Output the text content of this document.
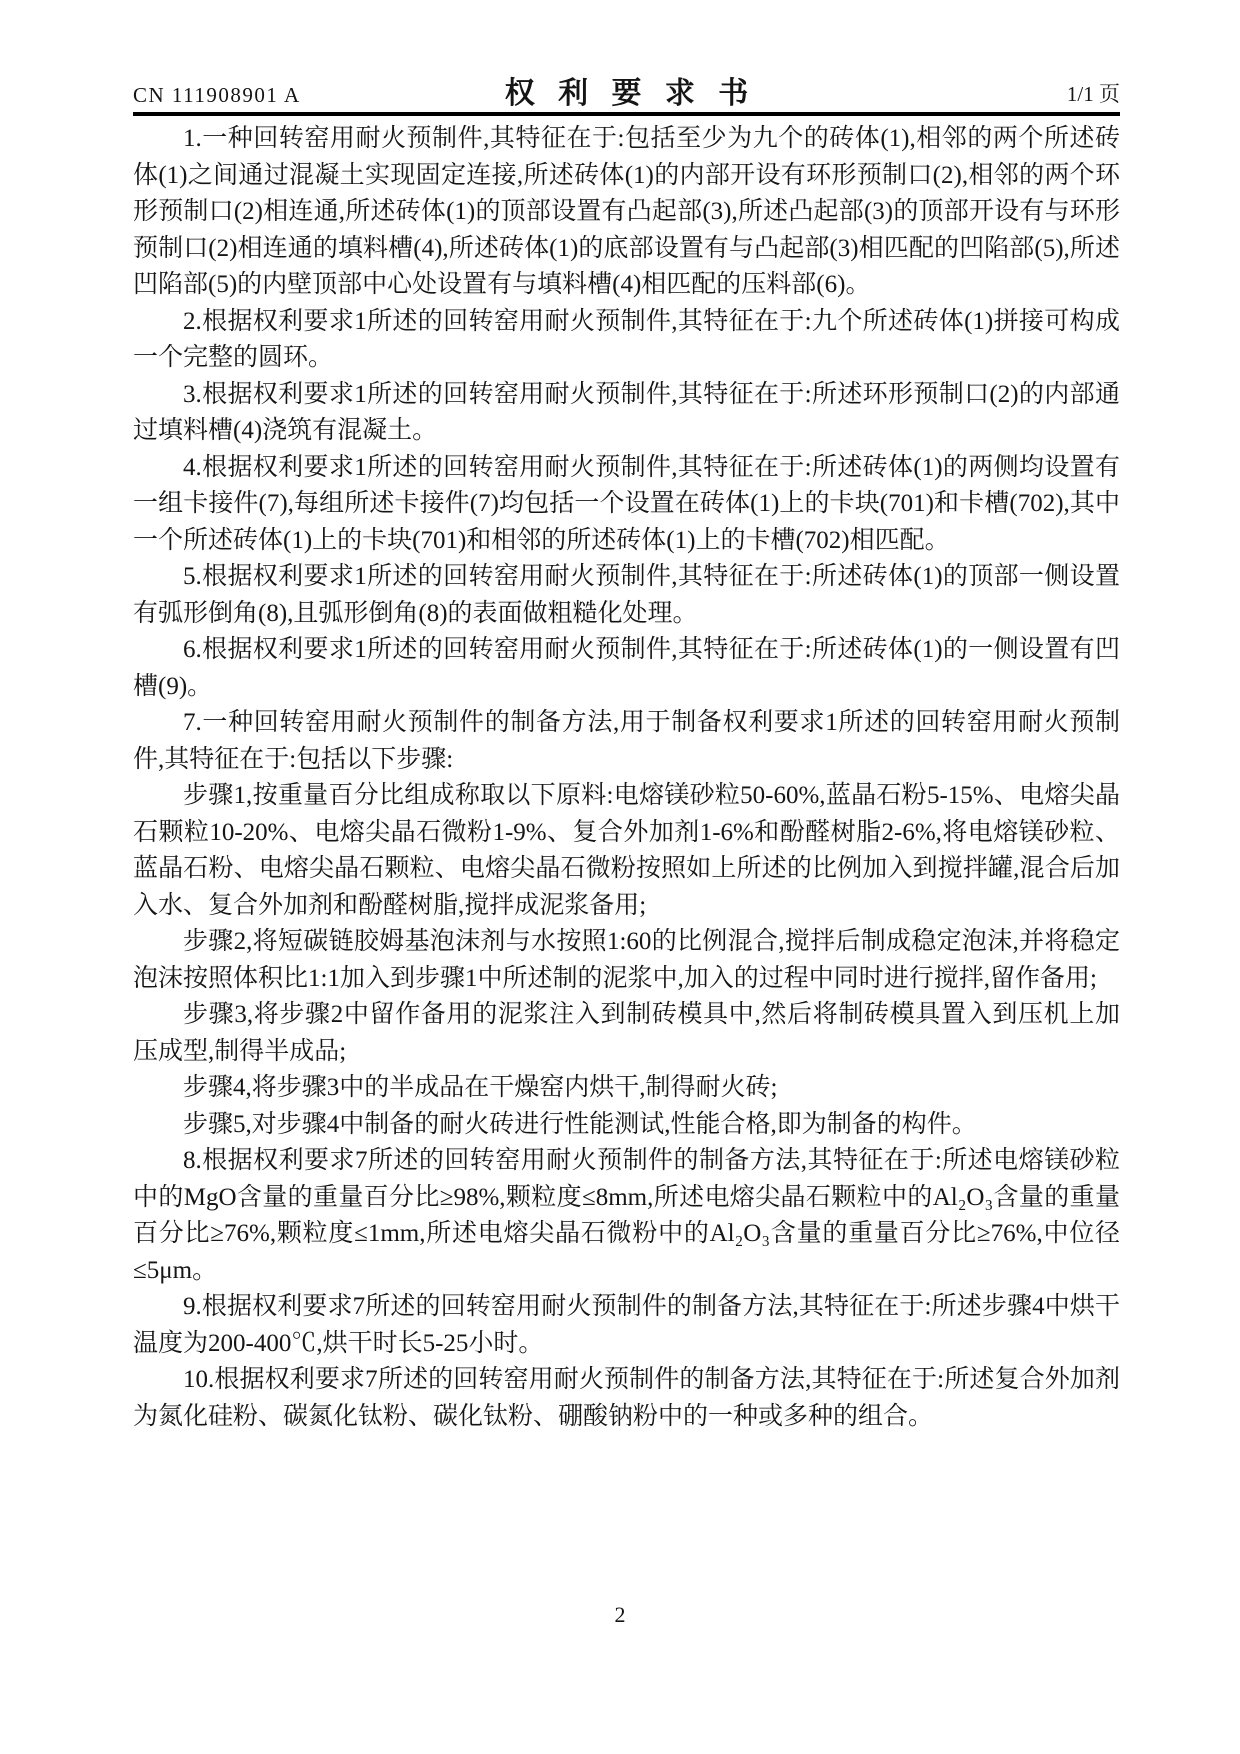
CN 111908901 A	权利要求书	1/1 页

1.一种回转窑用耐火预制件,其特征在于:包括至少为九个的砖体(1),相邻的两个所述砖体(1)之间通过混凝土实现固定连接,所述砖体(1)的内部开设有环形预制口(2),相邻的两个环形预制口(2)相连通,所述砖体(1)的顶部设置有凸起部(3),所述凸起部(3)的顶部开设有与环形预制口(2)相连通的填料槽(4),所述砖体(1)的底部设置有与凸起部(3)相匹配的凹陷部(5),所述凹陷部(5)的内壁顶部中心处设置有与填料槽(4)相匹配的压料部(6)。

2.根据权利要求1所述的回转窑用耐火预制件,其特征在于:九个所述砖体(1)拼接可构成一个完整的圆环。

3.根据权利要求1所述的回转窑用耐火预制件,其特征在于:所述环形预制口(2)的内部通过填料槽(4)浇筑有混凝土。

4.根据权利要求1所述的回转窑用耐火预制件,其特征在于:所述砖体(1)的两侧均设置有一组卡接件(7),每组所述卡接件(7)均包括一个设置在砖体(1)上的卡块(701)和卡槽(702),其中一个所述砖体(1)上的卡块(701)和相邻的所述砖体(1)上的卡槽(702)相匹配。

5.根据权利要求1所述的回转窑用耐火预制件,其特征在于:所述砖体(1)的顶部一侧设置有弧形倒角(8),且弧形倒角(8)的表面做粗糙化处理。

6.根据权利要求1所述的回转窑用耐火预制件,其特征在于:所述砖体(1)的一侧设置有凹槽(9)。

7.一种回转窑用耐火预制件的制备方法,用于制备权利要求1所述的回转窑用耐火预制件,其特征在于:包括以下步骤:

步骤1,按重量百分比组成称取以下原料:电熔镁砂粒50-60%,蓝晶石粉5-15%、电熔尖晶石颗粒10-20%、电熔尖晶石微粉1-9%、复合外加剂1-6%和酚醛树脂2-6%,将电熔镁砂粒、蓝晶石粉、电熔尖晶石颗粒、电熔尖晶石微粉按照如上所述的比例加入到搅拌罐,混合后加入水、复合外加剂和酚醛树脂,搅拌成泥浆备用;

步骤2,将短碳链胶姆基泡沫剂与水按照1:60的比例混合,搅拌后制成稳定泡沫,并将稳定泡沫按照体积比1:1加入到步骤1中所述制的泥浆中,加入的过程中同时进行搅拌,留作备用;

步骤3,将步骤2中留作备用的泥浆注入到制砖模具中,然后将制砖模具置入到压机上加压成型,制得半成品;

步骤4,将步骤3中的半成品在干燥窑内烘干,制得耐火砖;

步骤5,对步骤4中制备的耐火砖进行性能测试,性能合格,即为制备的构件。

8.根据权利要求7所述的回转窑用耐火预制件的制备方法,其特征在于:所述电熔镁砂粒中的MgO含量的重量百分比≥98%,颗粒度≤8mm,所述电熔尖晶石颗粒中的Al₂O₃含量的重量百分比≥76%,颗粒度≤1mm,所述电熔尖晶石微粉中的Al₂O₃含量的重量百分比≥76%,中位径≤5μm。

9.根据权利要求7所述的回转窑用耐火预制件的制备方法,其特征在于:所述步骤4中烘干温度为200-400℃,烘干时长5-25小时。

10.根据权利要求7所述的回转窑用耐火预制件的制备方法,其特征在于:所述复合外加剂为氮化硅粉、碳氮化钛粉、碳化钛粉、硼酸钠粉中的一种或多种的组合。

2
